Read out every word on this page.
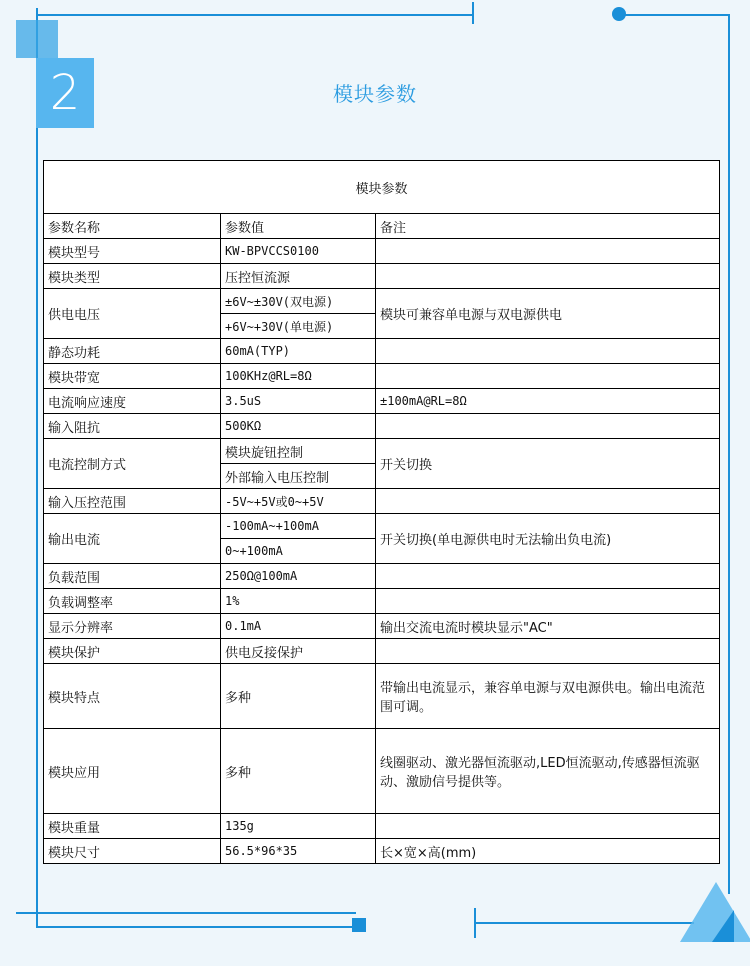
2	模块参数
模块参数		
参数名称	参数值	备注
模块型号	KW-BPVCCS0100	
模块类型	压控恒流源	
供电电压	±6V~±30V(双电源)	模块可兼容单电源与双电源供电
	+6V~+30V(单电源)	
静态功耗	60mA(TYP)	
模块带宽	100KHz@RL=8Ω	
电流响应速度	3.5uS	±100mA@RL=8Ω
输入阻抗	500KΩ	
电流控制方式	模块旋钮控制	开关切换
	外部输入电压控制	
输入压控范围	-5V~+5V或0~+5V	
输出电流	-100mA~+100mA	开关切换(单电源供电时无法输出负电流)
	0~+100mA	
负载范围	250Ω@100mA	
负载调整率	1%	
显示分辨率	0.1mA	输出交流电流时模块显示"AC"
模块保护	供电反接保护	
模块特点	多种	带输出电流显示，兼容单电源与双电源供电。输出电流范围可调。
模块应用	多种	线圈驱动、激光器恒流驱动,LED恒流驱动,传感器恒流驱动、激励信号提供等。
模块重量	135g	
模块尺寸	56.5*96*35	长×宽×高(mm)
